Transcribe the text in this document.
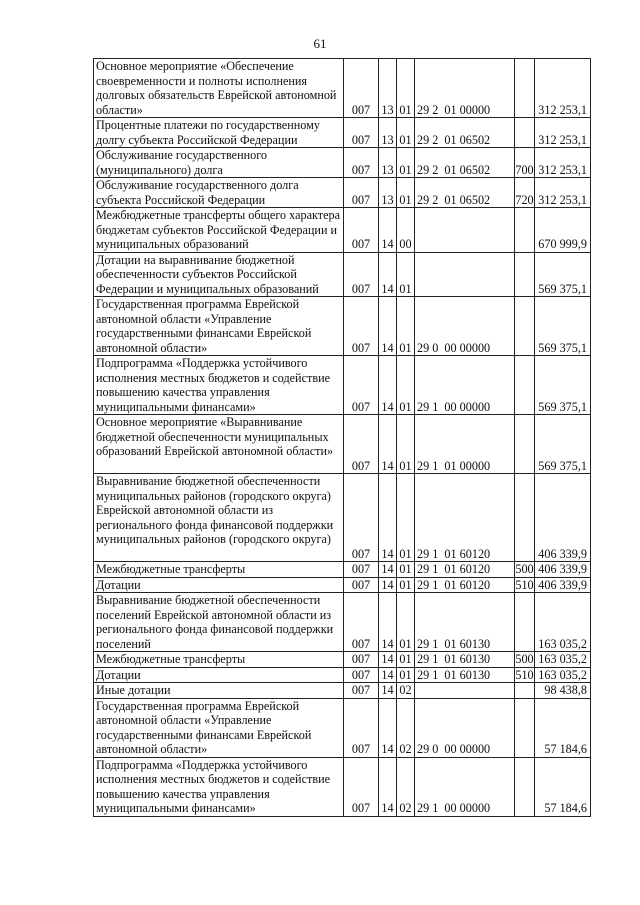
61
Основное мероприятие «Обеспечение своевременности и полноты исполнения долговых обязательств Еврейской автономной области»	007	13	01	29 2  01 00000		312 253,1
Процентные платежи по государственному долгу субъекта Российской Федерации	007	13	01	29 2  01 06502		312 253,1
Обслуживание государственного (муниципального) долга	007	13	01	29 2  01 06502	700	312 253,1
Обслуживание государственного долга субъекта Российской Федерации	007	13	01	29 2  01 06502	720	312 253,1
Межбюджетные трансферты общего характера бюджетам субъектов Российской Федерации и муниципальных образований	007	14	00			670 999,9
Дотации на выравнивание бюджетной обеспеченности субъектов Российской Федерации и муниципальных образований	007	14	01			569 375,1
Государственная программа Еврейской автономной области «Управление государственными финансами Еврейской автономной области»	007	14	01	29 0  00 00000		569 375,1
Подпрограмма «Поддержка устойчивого исполнения местных бюджетов и содействие повышению качества управления муниципальными финансами»	007	14	01	29 1  00 00000		569 375,1
Основное мероприятие «Выравнивание бюджетной обеспеченности муниципальных образований Еврейской автономной области»	007	14	01	29 1  01 00000		569 375,1
Выравнивание бюджетной обеспеченности муниципальных районов (городского округа) Еврейской автономной области из регионального фонда финансовой поддержки муниципальных районов (городского округа)	007	14	01	29 1  01 60120		406 339,9
Межбюджетные трансферты	007	14	01	29 1  01 60120	500	406 339,9
Дотации	007	14	01	29 1  01 60120	510	406 339,9
Выравнивание бюджетной обеспеченности поселений Еврейской автономной области из регионального фонда финансовой поддержки поселений	007	14	01	29 1  01 60130		163 035,2
Межбюджетные трансферты	007	14	01	29 1  01 60130	500	163 035,2
Дотации	007	14	01	29 1  01 60130	510	163 035,2
Иные дотации	007	14	02			98 438,8
Государственная программа Еврейской автономной области «Управление государственными финансами Еврейской автономной области»	007	14	02	29 0  00 00000		57 184,6
Подпрограмма «Поддержка устойчивого исполнения местных бюджетов и содействие повышению качества управления муниципальными финансами»	007	14	02	29 1  00 00000		57 184,6
